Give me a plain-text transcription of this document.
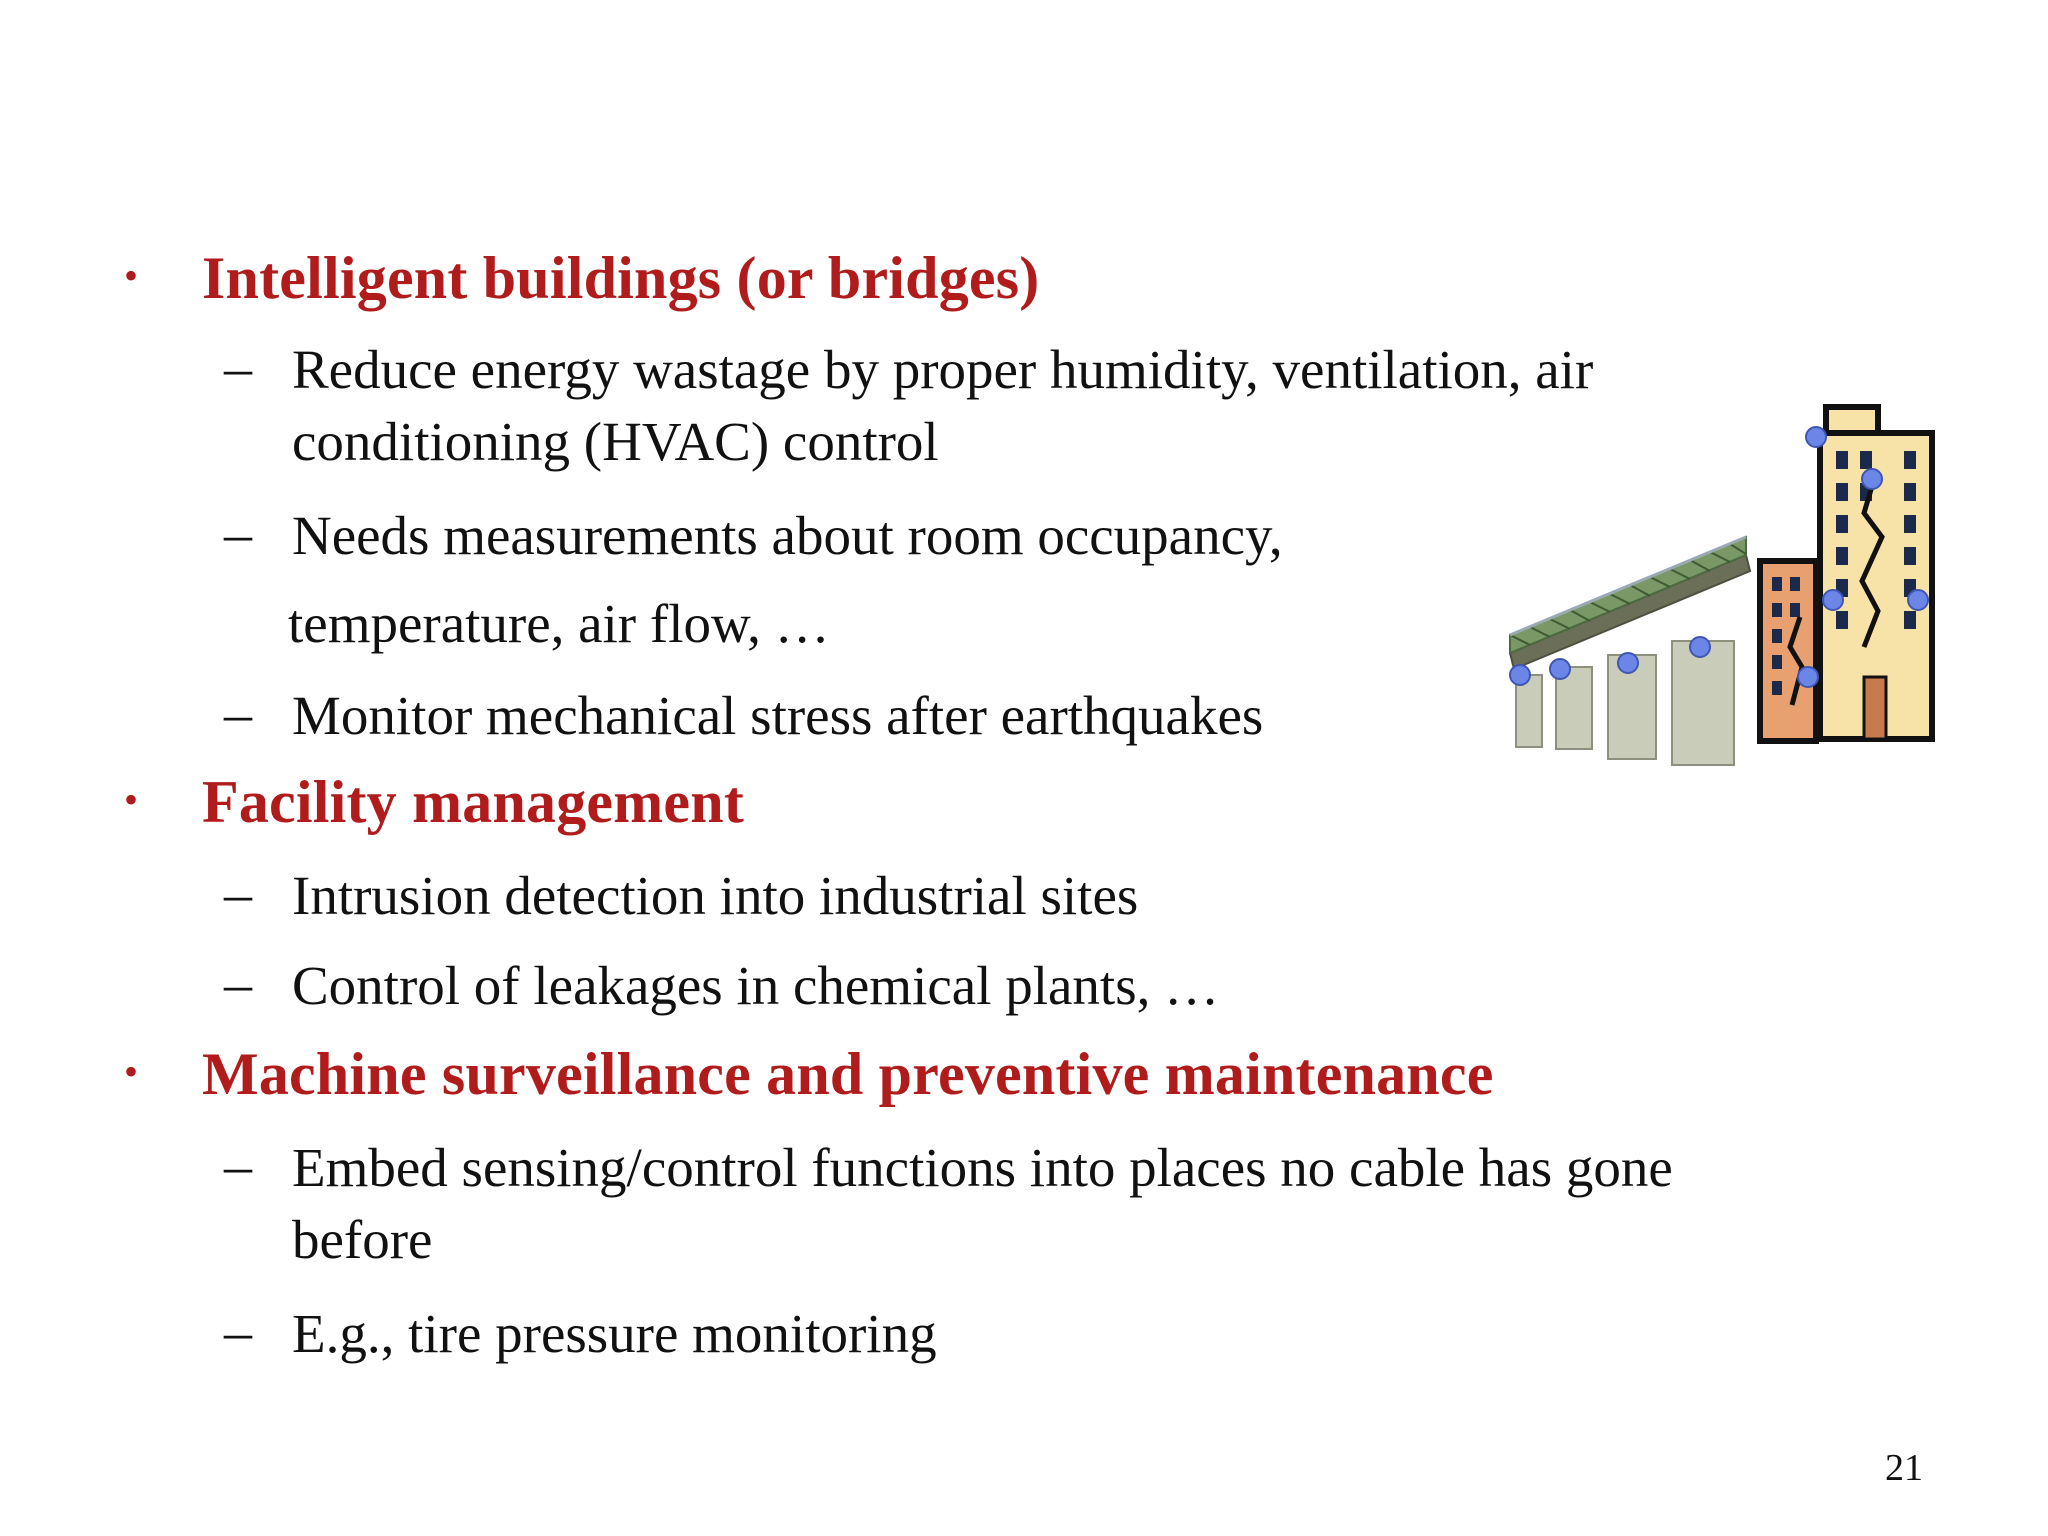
• Intelligent buildings (or bridges)
– Reduce energy wastage by proper humidity, ventilation, air
conditioning (HVAC) control
– Needs measurements about room occupancy,
temperature, air flow, …
– Monitor mechanical stress after earthquakes
• Facility management
– Intrusion detection into industrial sites
– Control of leakages in chemical plants, …
• Machine surveillance and preventive maintenance
– Embed sensing/control functions into places no cable has gone
before
– E.g., tire pressure monitoring
21
